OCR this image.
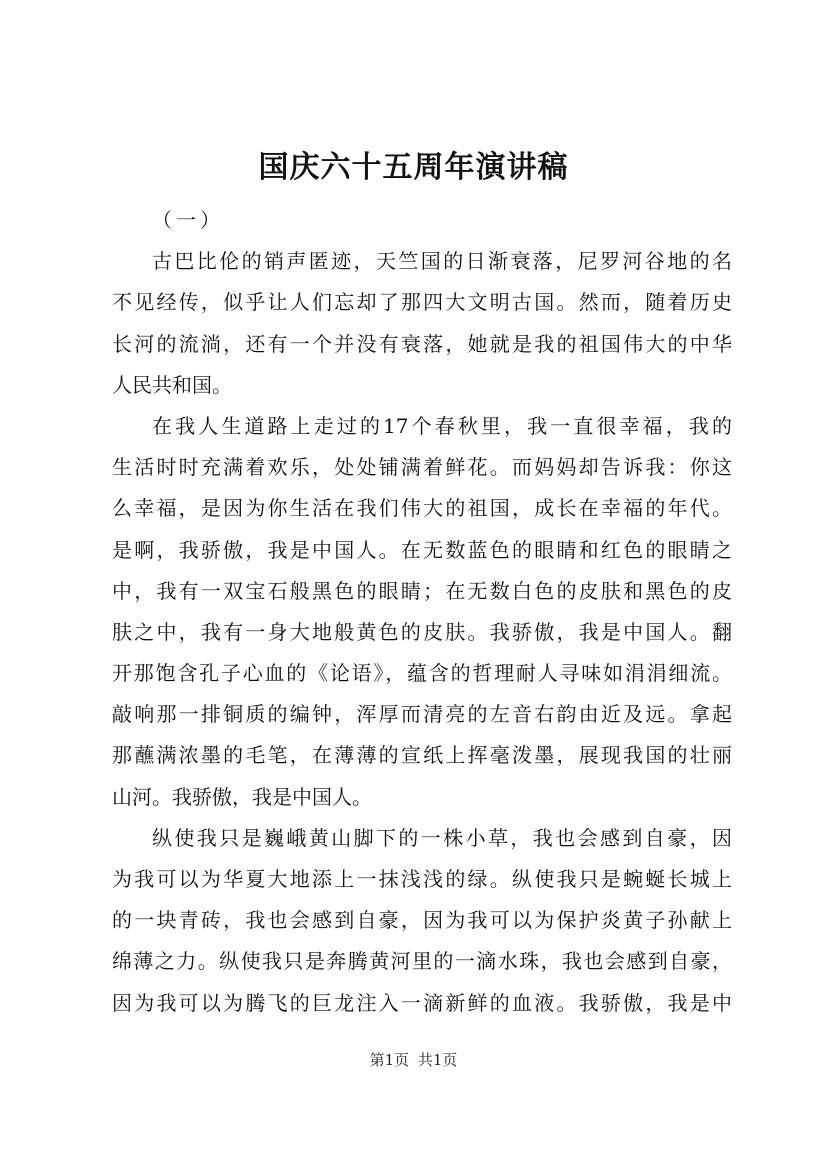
国庆六十五周年演讲稿

（一）

古巴比伦的销声匿迹，天竺国的日渐衰落，尼罗河谷地的名

不见经传，似乎让人们忘却了那四大文明古国。然而，随着历史

长河的流淌，还有一个并没有衰落，她就是我的祖国伟大的中华

人民共和国。

在我人生道路上走过的17个春秋里，我一直很幸福，我的

生活时时充满着欢乐，处处铺满着鲜花。而妈妈却告诉我：你这

么幸福，是因为你生活在我们伟大的祖国，成长在幸福的年代。

是啊，我骄傲，我是中国人。在无数蓝色的眼睛和红色的眼睛之

中，我有一双宝石般黑色的眼睛；在无数白色的皮肤和黑色的皮

肤之中，我有一身大地般黄色的皮肤。我骄傲，我是中国人。翻

开那饱含孔子心血的《论语》，蕴含的哲理耐人寻味如涓涓细流。

敲响那一排铜质的编钟，浑厚而清亮的左音右韵由近及远。拿起

那蘸满浓墨的毛笔，在薄薄的宣纸上挥毫泼墨，展现我国的壮丽

山河。我骄傲，我是中国人。

纵使我只是巍峨黄山脚下的一株小草，我也会感到自豪，因

为我可以为华夏大地添上一抹浅浅的绿。纵使我只是蜿蜒长城上

的一块青砖，我也会感到自豪，因为我可以为保护炎黄子孙献上

绵薄之力。纵使我只是奔腾黄河里的一滴水珠，我也会感到自豪，

因为我可以为腾飞的巨龙注入一滴新鲜的血液。我骄傲，我是中

第1页 共1页
